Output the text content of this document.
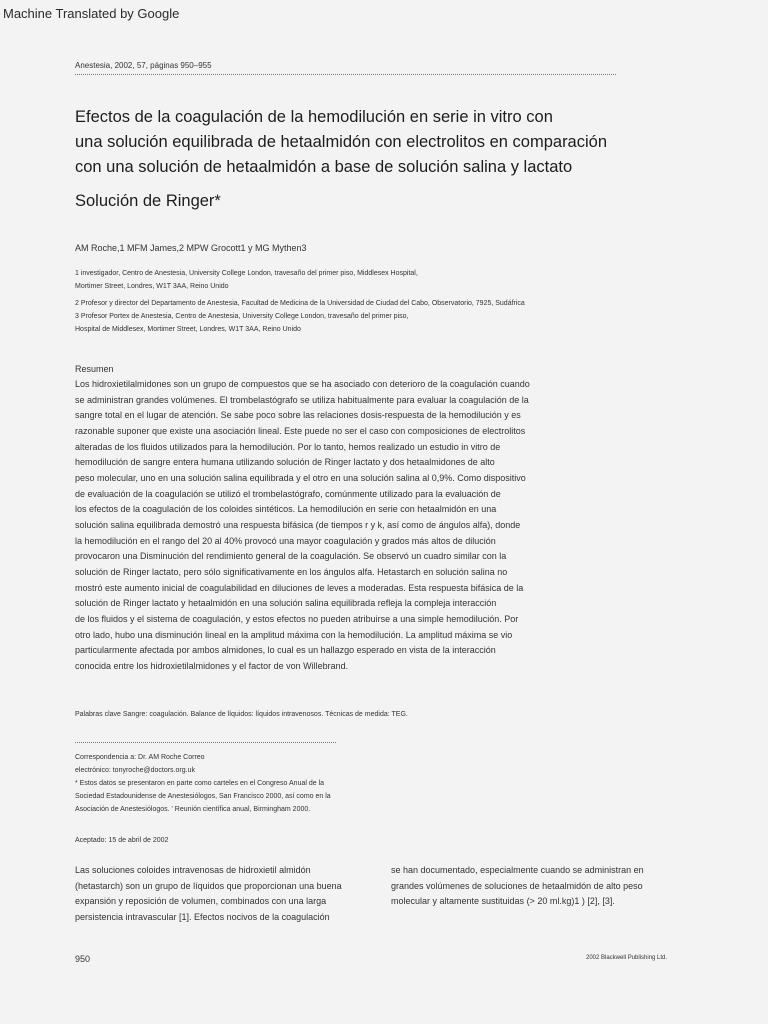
Machine Translated by Google

Anestesia, 2002, 57, páginas 950–955

Efectos de la coagulación de la hemodilución en serie in vitro con
una solución equilibrada de hetaalmidón con electrolitos en comparación
con una solución de hetaalmidón a base de solución salina y lactato
Solución de Ringer*

AM Roche,1 MFM James,2 MPW Grocott1 y MG Mythen3

1 investigador, Centro de Anestesia, University College London, travesaño del primer piso, Middlesex Hospital,
Mortimer Street, Londres, W1T 3AA, Reino Unido
2 Profesor y director del Departamento de Anestesia, Facultad de Medicina de la Universidad de Ciudad del Cabo, Observatorio, 7925, Sudáfrica
3 Profesor Portex de Anestesia, Centro de Anestesia, University College London, travesaño del primer piso,
Hospital de Middlesex, Mortimer Street, Londres, W1T 3AA, Reino Unido

Resumen

Los hidroxietilalmidones son un grupo de compuestos que se ha asociado con deterioro de la coagulación cuando
se administran grandes volúmenes. El trombelastógrafo se utiliza habitualmente para evaluar la coagulación de la
sangre total en el lugar de atención. Se sabe poco sobre las relaciones dosis-respuesta de la hemodilución y es
razonable suponer que existe una asociación lineal. Este puede no ser el caso con composiciones de electrolitos
alteradas de los fluidos utilizados para la hemodilución. Por lo tanto, hemos realizado un estudio in vitro de
hemodilución de sangre entera humana utilizando solución de Ringer lactato y dos hetaalmidones de alto
peso molecular, uno en una solución salina equilibrada y el otro en una solución salina al 0,9%. Como dispositivo
de evaluación de la coagulación se utilizó el trombelastógrafo, comúnmente utilizado para la evaluación de
los efectos de la coagulación de los coloides sintéticos. La hemodilución en serie con hetaalmidón en una
solución salina equilibrada demostró una respuesta bifásica (de tiempos r y k, así como de ángulos alfa), donde
la hemodilución en el rango del 20 al 40% provocó una mayor coagulación y grados más altos de dilución
provocaron una Disminución del rendimiento general de la coagulación. Se observó un cuadro similar con la
solución de Ringer lactato, pero sólo significativamente en los ángulos alfa. Hetastarch en solución salina no
mostró este aumento inicial de coagulabilidad en diluciones de leves a moderadas. Esta respuesta bifásica de la
solución de Ringer lactato y hetaalmidón en una solución salina equilibrada refleja la compleja interacción
de los fluidos y el sistema de coagulación, y estos efectos no pueden atribuirse a una simple hemodilución. Por
otro lado, hubo una disminución lineal en la amplitud máxima con la hemodilución. La amplitud máxima se vio
particularmente afectada por ambos almidones, lo cual es un hallazgo esperado en vista de la interacción
conocida entre los hidroxietilalmidones y el factor de von Willebrand.

Palabras clave Sangre: coagulación. Balance de líquidos: líquidos intravenosos. Técnicas de medida: TEG.

Correspondencia a: Dr. AM Roche Correo
electrónico: tonyroche@doctors.org.uk
* Estos datos se presentaron en parte como carteles en el Congreso Anual de la
Sociedad Estadounidense de Anestesiólogos, San Francisco 2000, así como en la
Asociación de Anestesiólogos. ' Reunión científica anual, Birmingham 2000.

Aceptado: 15 de abril de 2002

Las soluciones coloides intravenosas de hidroxietil almidón
(hetastarch) son un grupo de líquidos que proporcionan una buena
expansión y reposición de volumen, combinados con una larga
persistencia intravascular [1]. Efectos nocivos de la coagulación
se han documentado, especialmente cuando se administran en
grandes volúmenes de soluciones de hetaalmidón de alto peso
molecular y altamente sustituidas (> 20 ml.kg)1 ) [2], [3].

950	2002 Blackwell Publishing Ltd.
